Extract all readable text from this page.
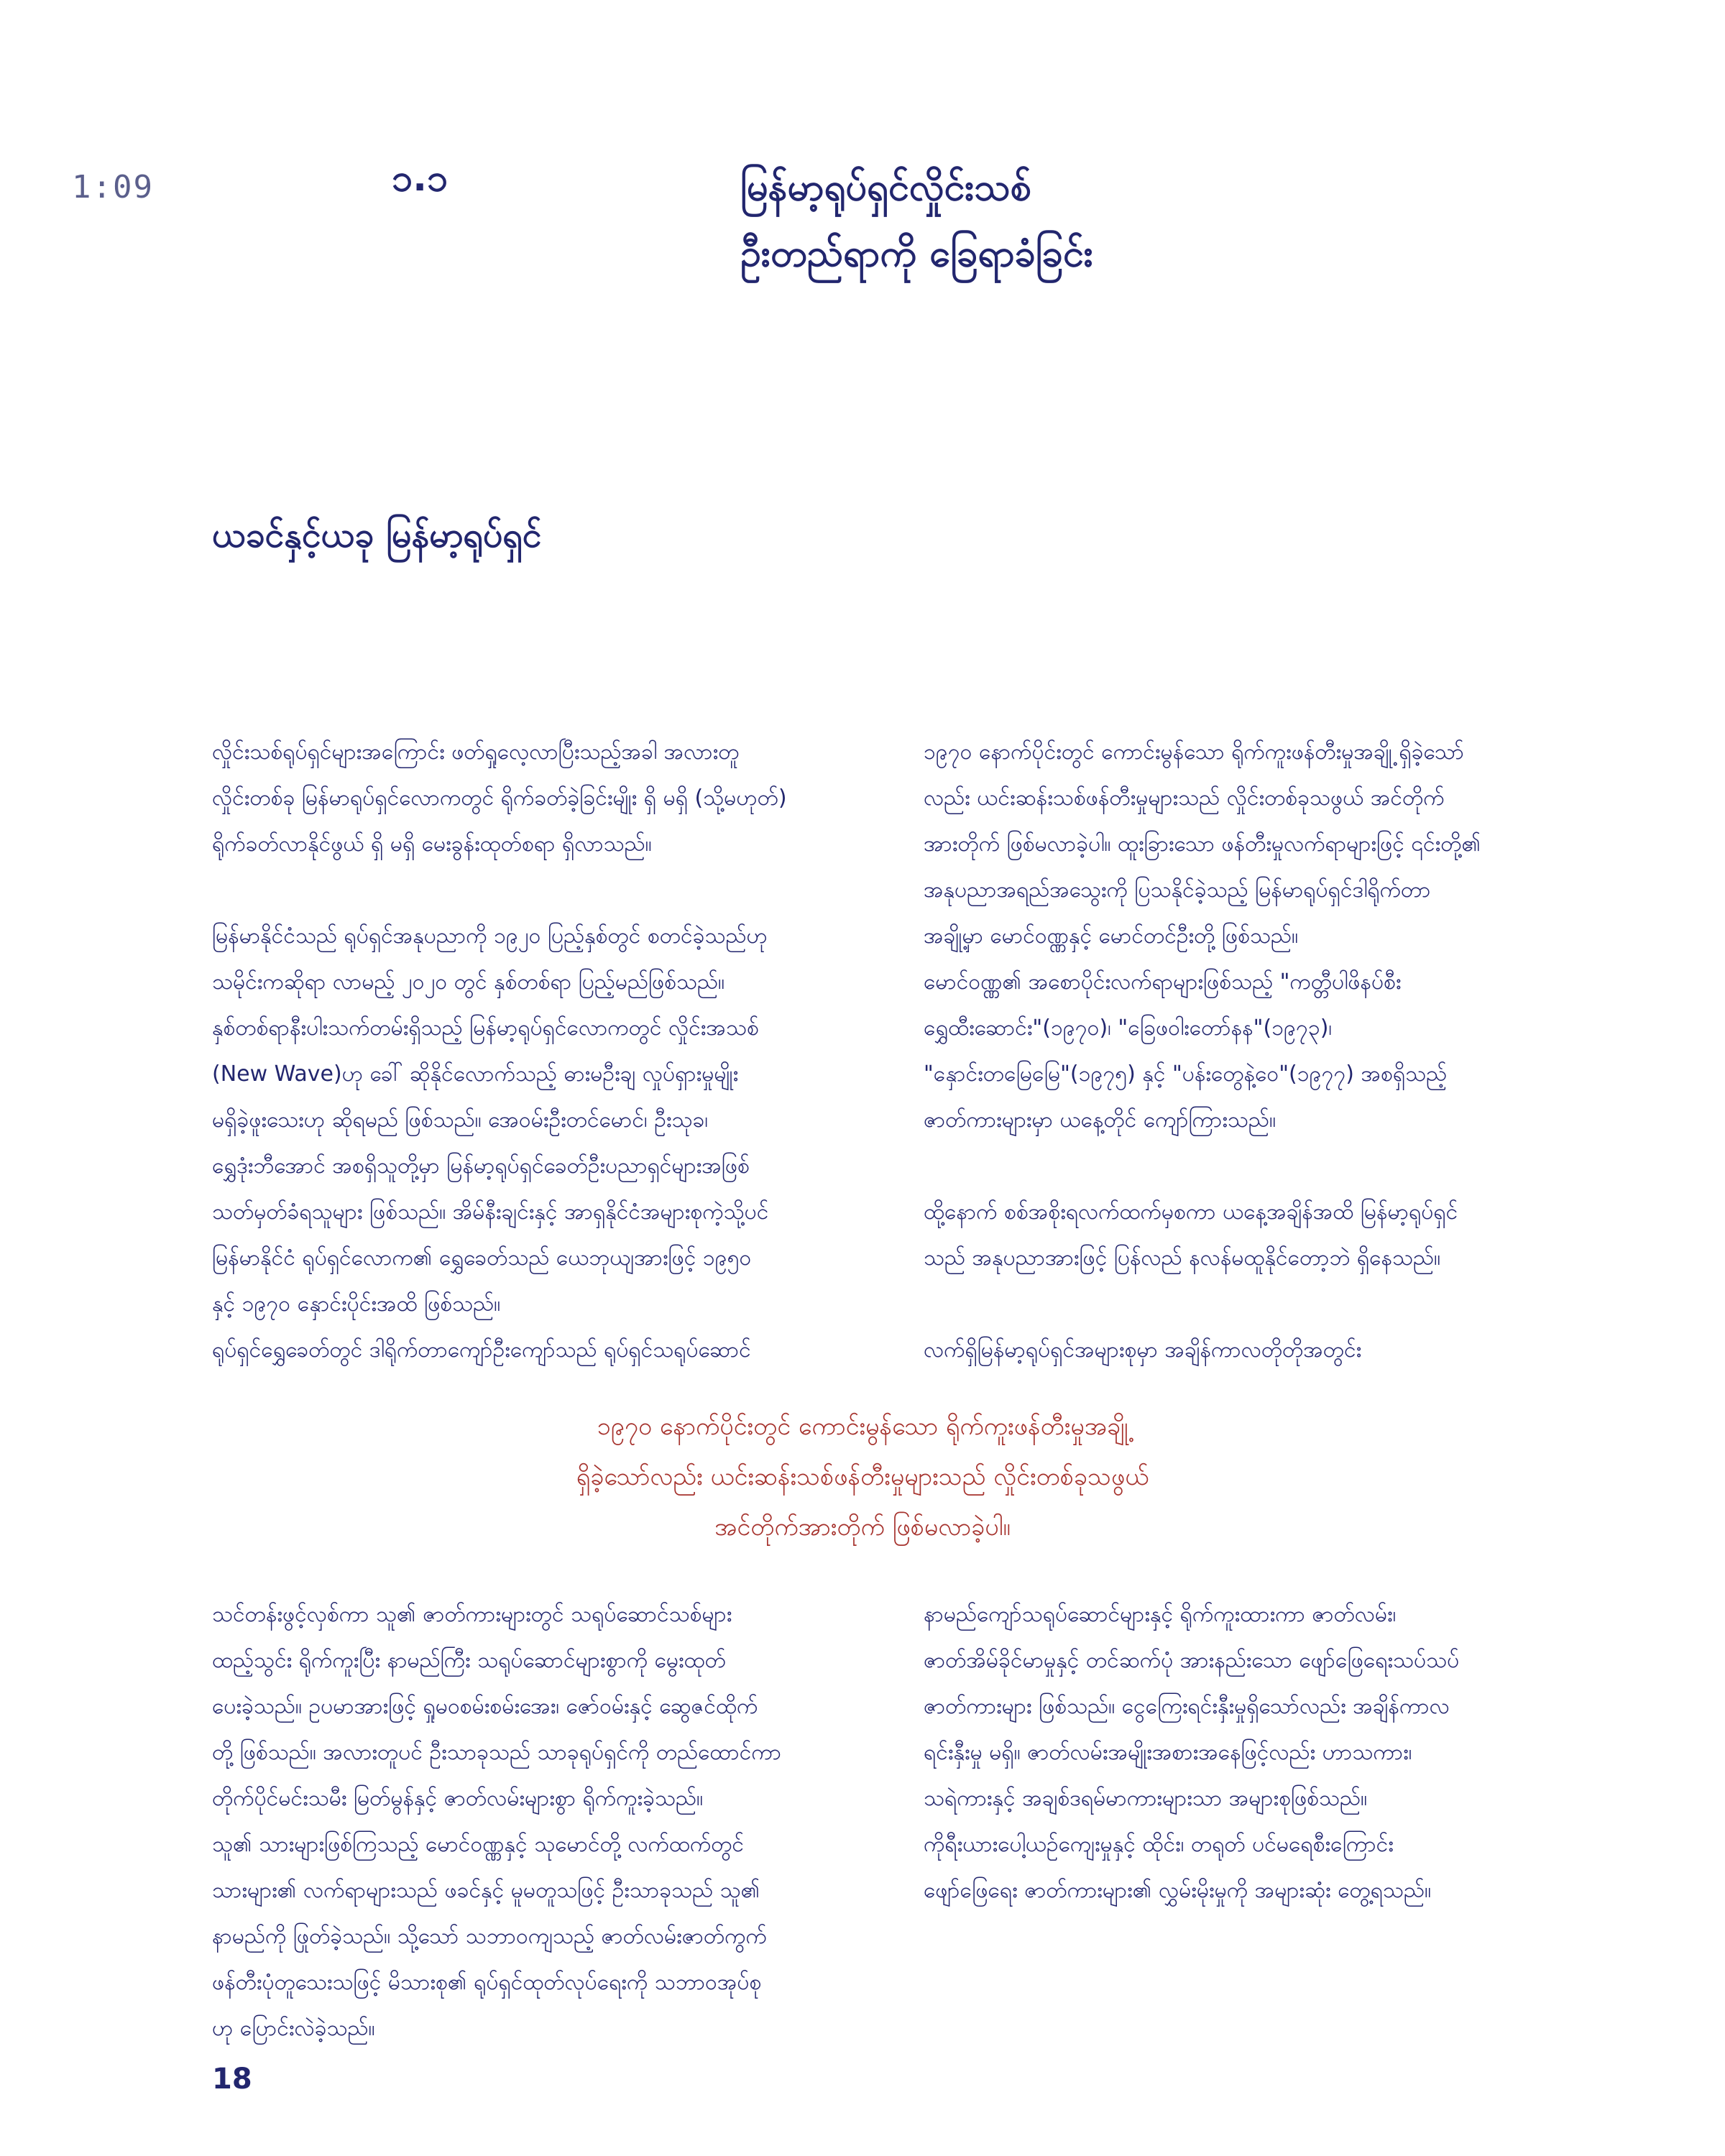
1:09	၁.၁	မြန်မာ့ရုပ်ရှင်လှိုင်းသစ်
ဦးတည်ရာကို ခြေရာခံခြင်း
ယခင်နှင့်ယခု မြန်မာ့ရုပ်ရှင်

လှိုင်းသစ်ရုပ်ရှင်များအကြောင်း ဖတ်ရှုလေ့လာပြီးသည့်အခါ အလားတူ

လှိုင်းတစ်ခု မြန်မာရုပ်ရှင်လောကတွင် ရိုက်ခတ်ခဲ့ခြင်းမျိုး ရှိ မရှိ (သို့မဟုတ်)

ရိုက်ခတ်လာနိုင်ဖွယ် ရှိ မရှိ မေးခွန်းထုတ်စရာ ရှိလာသည်။

မြန်မာနိုင်ငံသည် ရုပ်ရှင်အနုပညာကို ၁၉၂၀ ပြည့်နှစ်တွင် စတင်ခဲ့သည်ဟု

သမိုင်းကဆိုရာ လာမည့် ၂၀၂၀ တွင် နှစ်တစ်ရာ ပြည့်မည်ဖြစ်သည်။

နှစ်တစ်ရာနီးပါးသက်တမ်းရှိသည့် မြန်မာ့ရုပ်ရှင်လောကတွင် လှိုင်းအသစ်

(New Wave)ဟု ခေါ် ဆိုနိုင်လောက်သည့် ဓားမဦးချ လှုပ်ရှားမှုမျိုး

မရှိခဲ့ဖူးသေးဟု ဆိုရမည် ဖြစ်သည်။ အေဝမ်းဦးတင်မောင်၊ ဦးသုခ၊

ရွှေဒုံးဘီအောင် အစရှိသူတို့မှာ မြန်မာ့ရုပ်ရှင်ခေတ်ဦးပညာရှင်များအဖြစ်

သတ်မှတ်ခံရသူများ ဖြစ်သည်။ အိမ်နီးချင်းနှင့် အာရှနိုင်ငံအများစုကဲ့သို့ပင်

မြန်မာနိုင်ငံ ရုပ်ရှင်လောက၏ ရွှေခေတ်သည် ယေဘုယျအားဖြင့် ၁၉၅၀

နှင့် ၁၉၇၀ နှောင်းပိုင်းအထိ ဖြစ်သည်။

ရုပ်ရှင်ရွှေခေတ်တွင် ဒါရိုက်တာကျော်ဦးကျော်သည် ရုပ်ရှင်သရုပ်ဆောင်

၁၉၇၀ နောက်ပိုင်းတွင် ကောင်းမွန်သော ရိုက်ကူးဖန်တီးမှုအချို့ ရှိခဲ့သော်

လည်း ယင်းဆန်းသစ်ဖန်တီးမှုများသည် လှိုင်းတစ်ခုသဖွယ် အင်တိုက်

အားတိုက် ဖြစ်မလာခဲ့ပါ။ ထူးခြားသော ဖန်တီးမှုလက်ရာများဖြင့် ၎င်းတို့၏

အနုပညာအရည်အသွေးကို ပြသနိုင်ခဲ့သည့် မြန်မာရုပ်ရှင်ဒါရိုက်တာ

အချို့မှာ မောင်ဝဏ္ဏနှင့် မောင်တင်ဦးတို့ ဖြစ်သည်။

မောင်ဝဏ္ဏ၏ အစောပိုင်းလက်ရာများဖြစ်သည့် "ကတ္တီပါဖိနပ်စီး

ရွှေထီးဆောင်း"(၁၉၇၀)၊ "ခြေဖဝါးတော်နန"(၁၉၇၃)၊

"နှောင်းတမြေမြေ"(၁၉၇၅) နှင့် "ပန်းတွေနဲ့ဝေ"(၁၉၇၇) အစရှိသည့်

ဇာတ်ကားများမှာ ယနေ့တိုင် ကျော်ကြားသည်။

ထို့နောက် စစ်အစိုးရလက်ထက်မှစကာ ယနေ့အချိန်အထိ မြန်မာ့ရုပ်ရှင်

သည် အနုပညာအားဖြင့် ပြန်လည် နလန်မထူနိုင်တော့ဘဲ ရှိနေသည်။

လက်ရှိမြန်မာ့ရုပ်ရှင်အများစုမှာ အချိန်ကာလတိုတိုအတွင်း

၁၉၇၀ နောက်ပိုင်းတွင် ကောင်းမွန်သော ရိုက်ကူးဖန်တီးမှုအချို့
ရှိခဲ့သော်လည်း ယင်းဆန်းသစ်ဖန်တီးမှုများသည် လှိုင်းတစ်ခုသဖွယ်
အင်တိုက်အားတိုက် ဖြစ်မလာခဲ့ပါ။

သင်တန်းဖွင့်လှစ်ကာ သူ၏ ဇာတ်ကားများတွင် သရုပ်ဆောင်သစ်များ

ထည့်သွင်း ရိုက်ကူးပြီး နာမည်ကြီး သရုပ်ဆောင်များစွာကို မွေးထုတ်

ပေးခဲ့သည်။ ဥပမာအားဖြင့် ရှုမဝစမ်းစမ်းအေး၊ ဇော်ဝမ်းနှင့် ဆွေဇင်ထိုက်

တို့ ဖြစ်သည်။ အလားတူပင် ဦးသာခုသည် သာခုရုပ်ရှင်ကို တည်ထောင်ကာ

တိုက်ပိုင်မင်းသမီး မြတ်မွန်နှင့် ဇာတ်လမ်းများစွာ ရိုက်ကူးခဲ့သည်။

သူ၏ သားများဖြစ်ကြသည့် မောင်ဝဏ္ဏနှင့် သုမောင်တို့ လက်ထက်တွင်

သားများ၏ လက်ရာများသည် ဖခင်နှင့် မူမတူသဖြင့် ဦးသာခုသည် သူ၏

နာမည်ကို ဖြုတ်ခဲ့သည်။ သို့သော် သဘာဝကျသည့် ဇာတ်လမ်းဇာတ်ကွက်

ဖန်တီးပုံတူသေးသဖြင့် မိသားစု၏ ရုပ်ရှင်ထုတ်လုပ်ရေးကို သဘာဝအုပ်စု

ဟု ပြောင်းလဲခဲ့သည်။

နာမည်ကျော်သရုပ်ဆောင်များနှင့် ရိုက်ကူးထားကာ ဇာတ်လမ်း၊

ဇာတ်အိမ်ခိုင်မာမှုနှင့် တင်ဆက်ပုံ အားနည်းသော ဖျော်ဖြေရေးသပ်သပ်

ဇာတ်ကားများ ဖြစ်သည်။ ငွေကြေးရင်းနှီးမှုရှိသော်လည်း အချိန်ကာလ

ရင်းနှီးမှု မရှိ။ ဇာတ်လမ်းအမျိုးအစားအနေဖြင့်လည်း ဟာသကား၊

သရဲကားနှင့် အချစ်ဒရမ်မာကားများသာ အများစုဖြစ်သည်။

ကိုရီးယားပေါ့ယဉ်ကျေးမှုနှင့် ထိုင်း၊ တရုတ် ပင်မရေစီးကြောင်း

ဖျော်ဖြေရေး ဇာတ်ကားများ၏ လွှမ်းမိုးမှုကို အများဆုံး တွေ့ရသည်။

18
